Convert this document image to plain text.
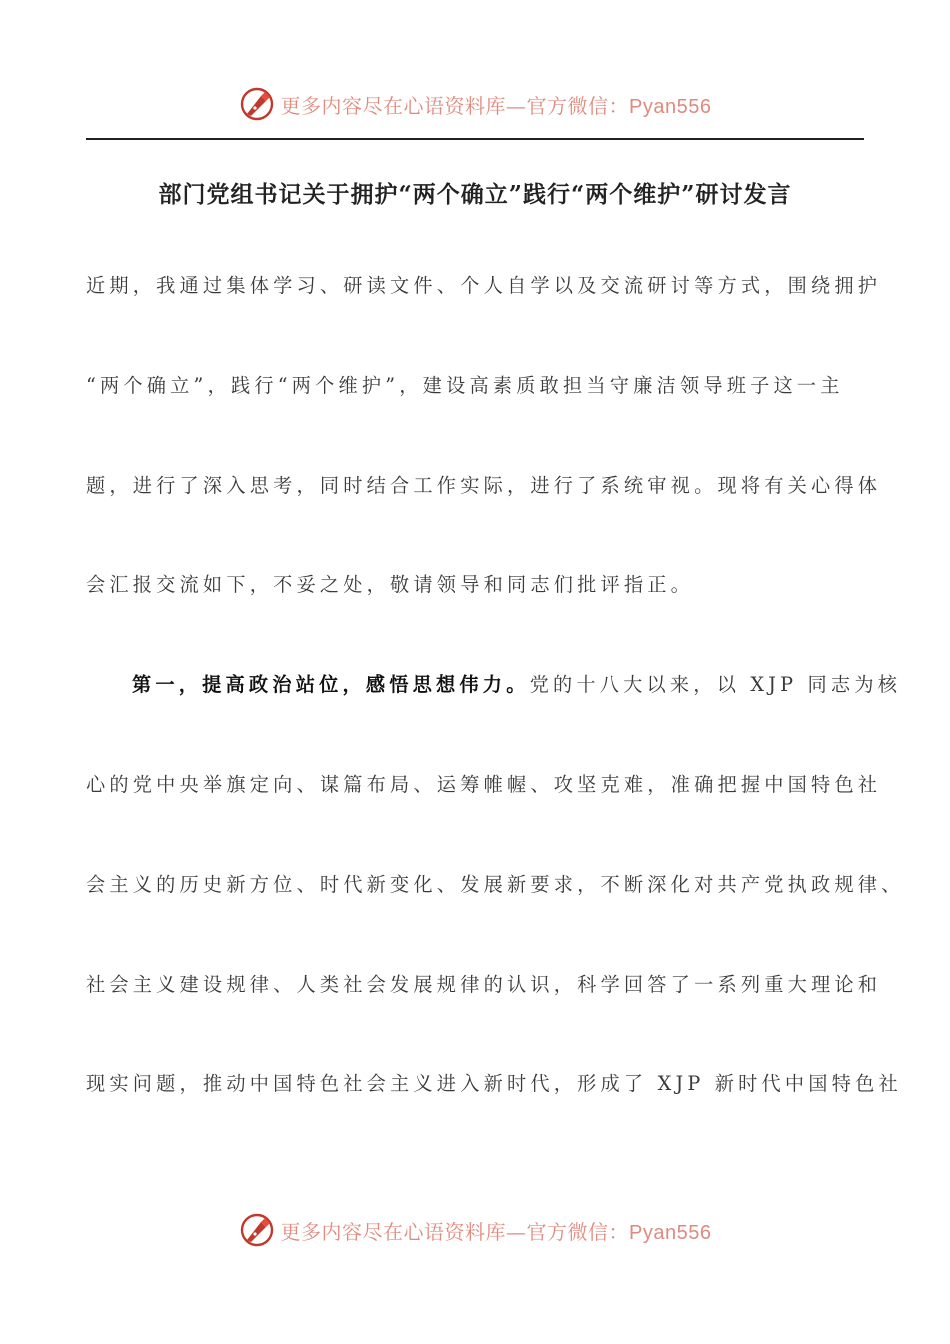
更多内容尽在心语资料库—官方微信：Pyan556
部门党组书记关于拥护“两个确立”践行“两个维护”研讨发言
近期，我通过集体学习、研读文件、个人自学以及交流研讨等方式，围绕拥护
“两个确立”，践行“两个维护”，建设高素质敢担当守廉洁领导班子这一主
题，进行了深入思考，同时结合工作实际，进行了系统审视。现将有关心得体
会汇报交流如下，不妥之处，敬请领导和同志们批评指正。
第一，提高政治站位，感悟思想伟力。党的十八大以来，以 XJP 同志为核
心的党中央举旗定向、谋篇布局、运筹帷幄、攻坚克难，准确把握中国特色社
会主义的历史新方位、时代新变化、发展新要求，不断深化对共产党执政规律、
社会主义建设规律、人类社会发展规律的认识，科学回答了一系列重大理论和
现实问题，推动中国特色社会主义进入新时代，形成了 XJP 新时代中国特色社
更多内容尽在心语资料库—官方微信：Pyan556
